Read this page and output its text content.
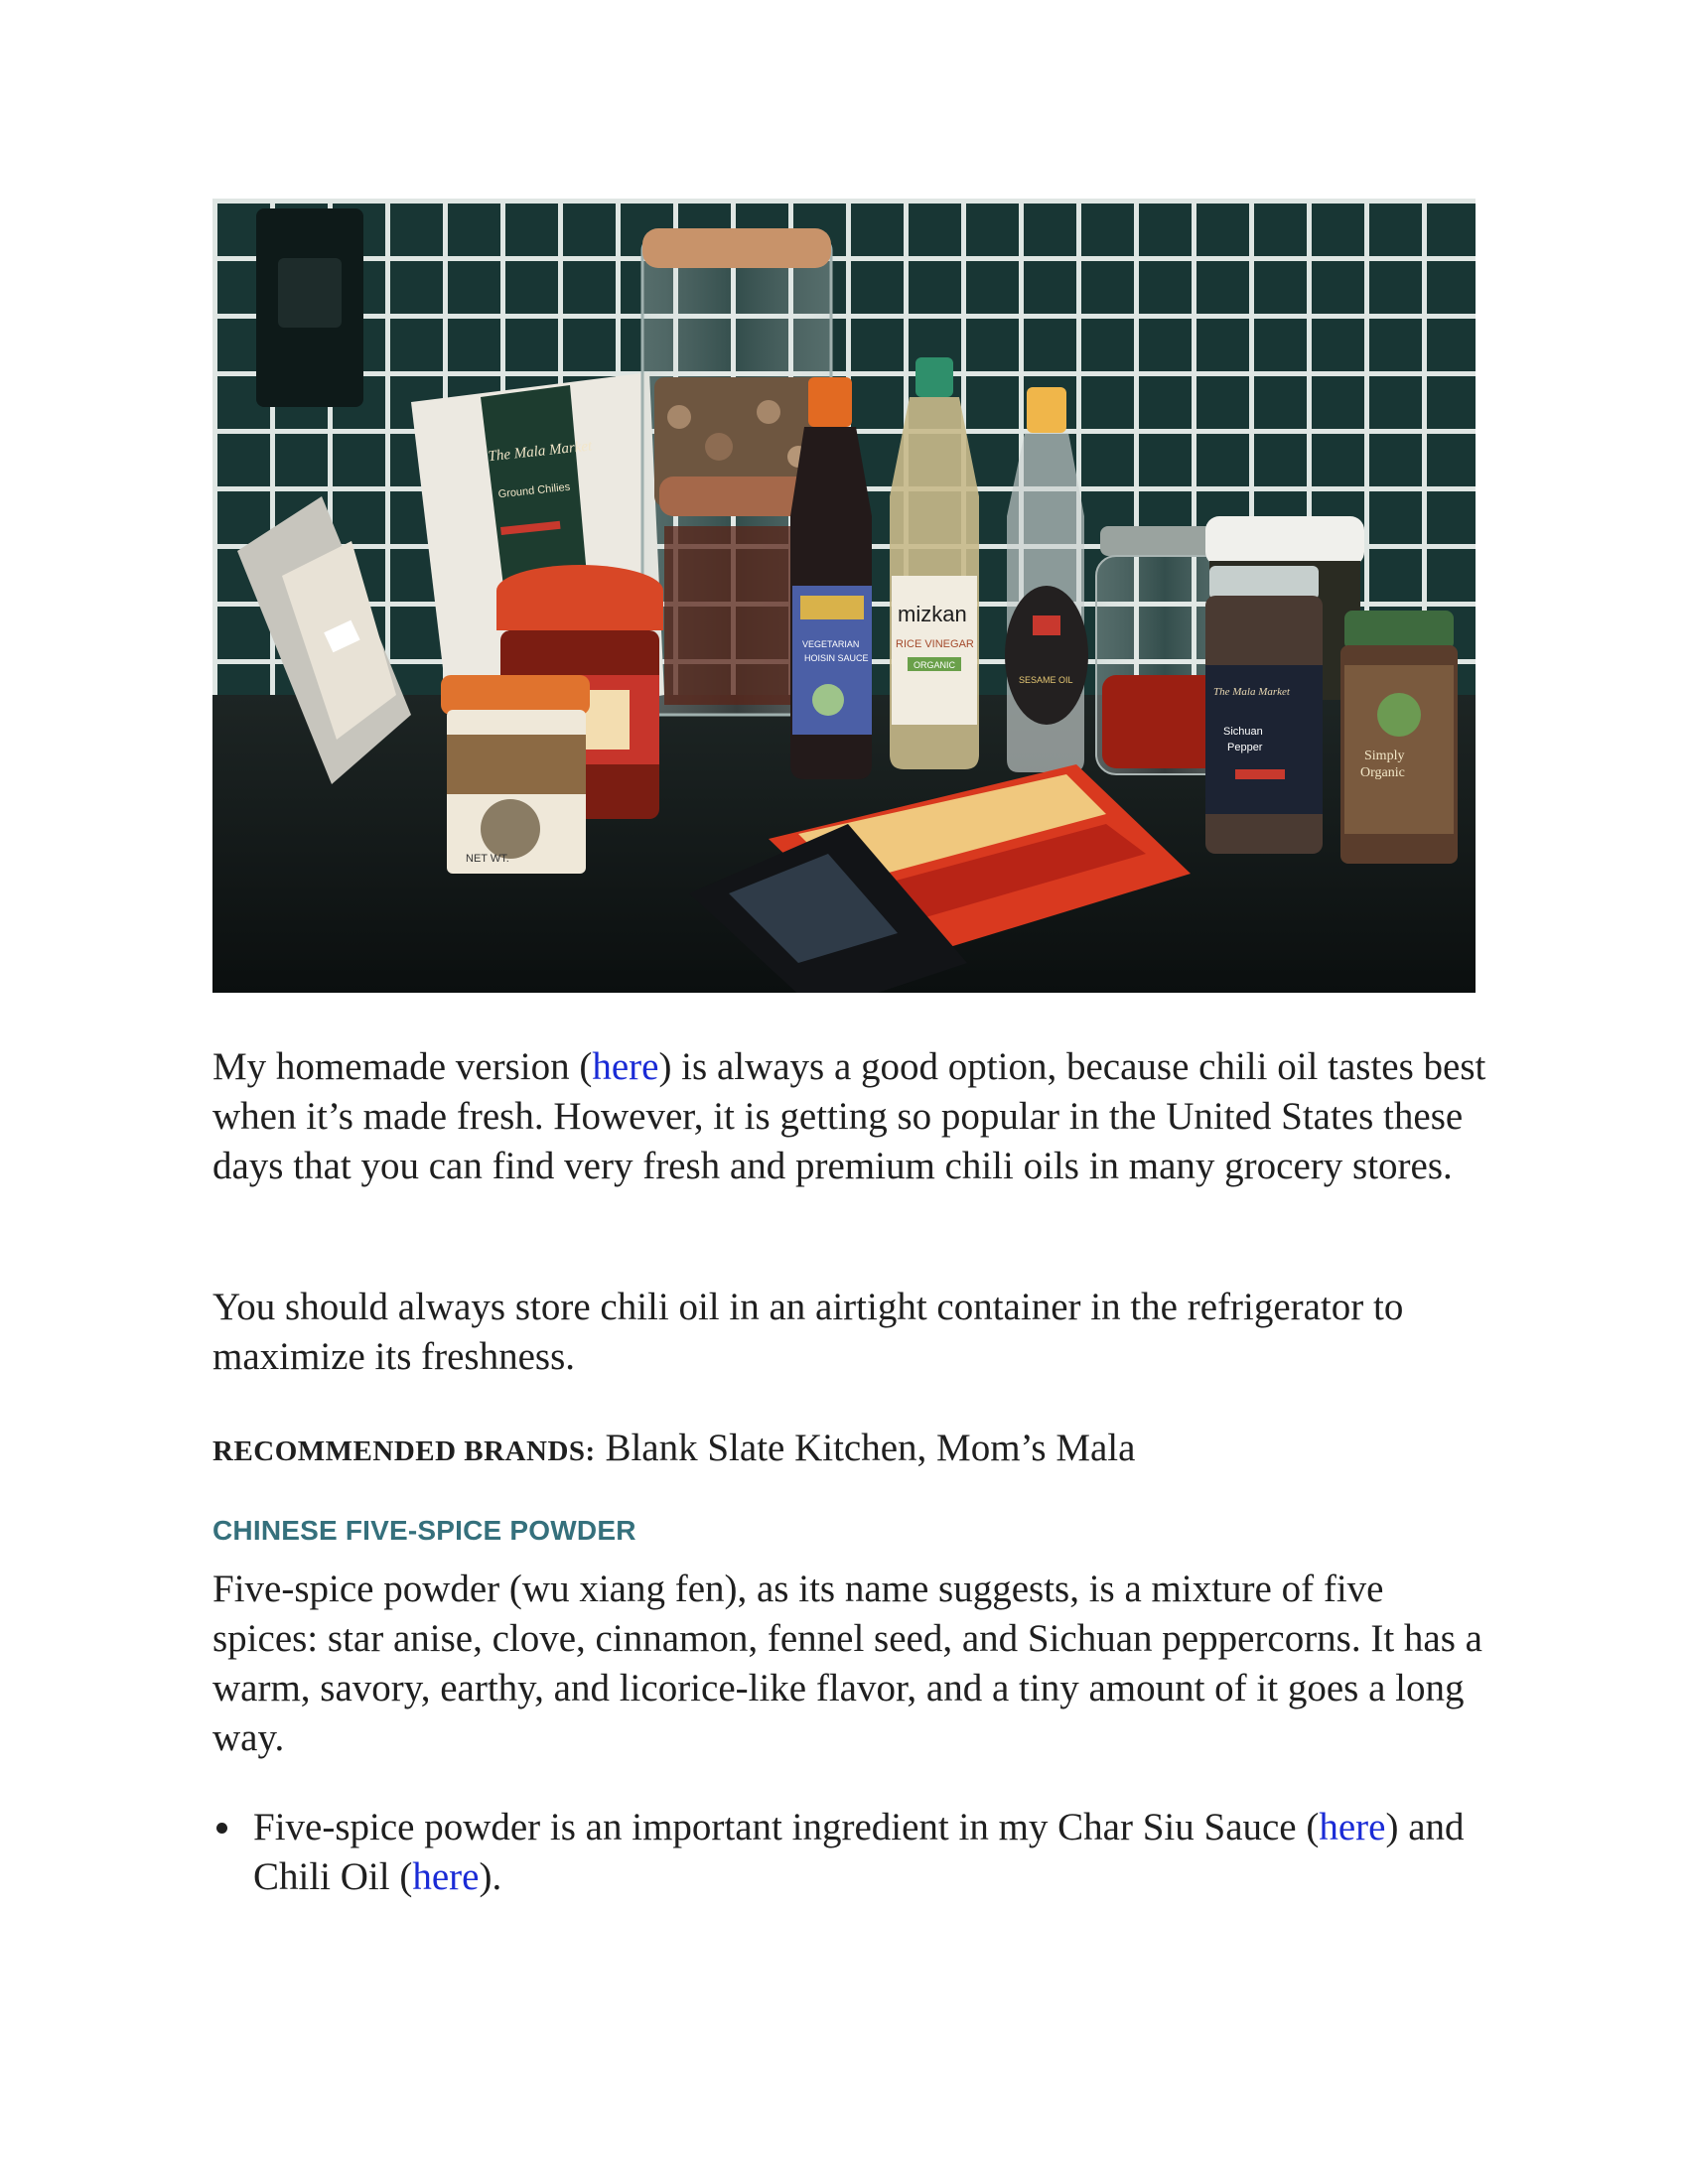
The Mala Market
Ground Chilies
NET WT.
VEGETARIAN
HOISIN SAUCE
mizkan
RICE VINEGAR
ORGANIC
SESAME OIL
The Mala Market
Sichuan
Pepper
Simply
Organic

My homemade version (here) is always a good option, because chili oil tastes best when it’s made fresh. However, it is getting so popular in the United States these days that you can find very fresh and premium chili oils in many grocery stores.

You should always store chili oil in an airtight container in the refrigerator to maximize its freshness.

RECOMMENDED BRANDS: Blank Slate Kitchen, Mom’s Mala

CHINESE FIVE-SPICE POWDER

Five-spice powder (wu xiang fen), as its name suggests, is a mixture of five spices: star anise, clove, cinnamon, fennel seed, and Sichuan peppercorns. It has a warm, savory, earthy, and licorice-like flavor, and a tiny amount of it goes a long way.

Five-spice powder is an important ingredient in my Char Siu Sauce (here) and Chili Oil (here).
